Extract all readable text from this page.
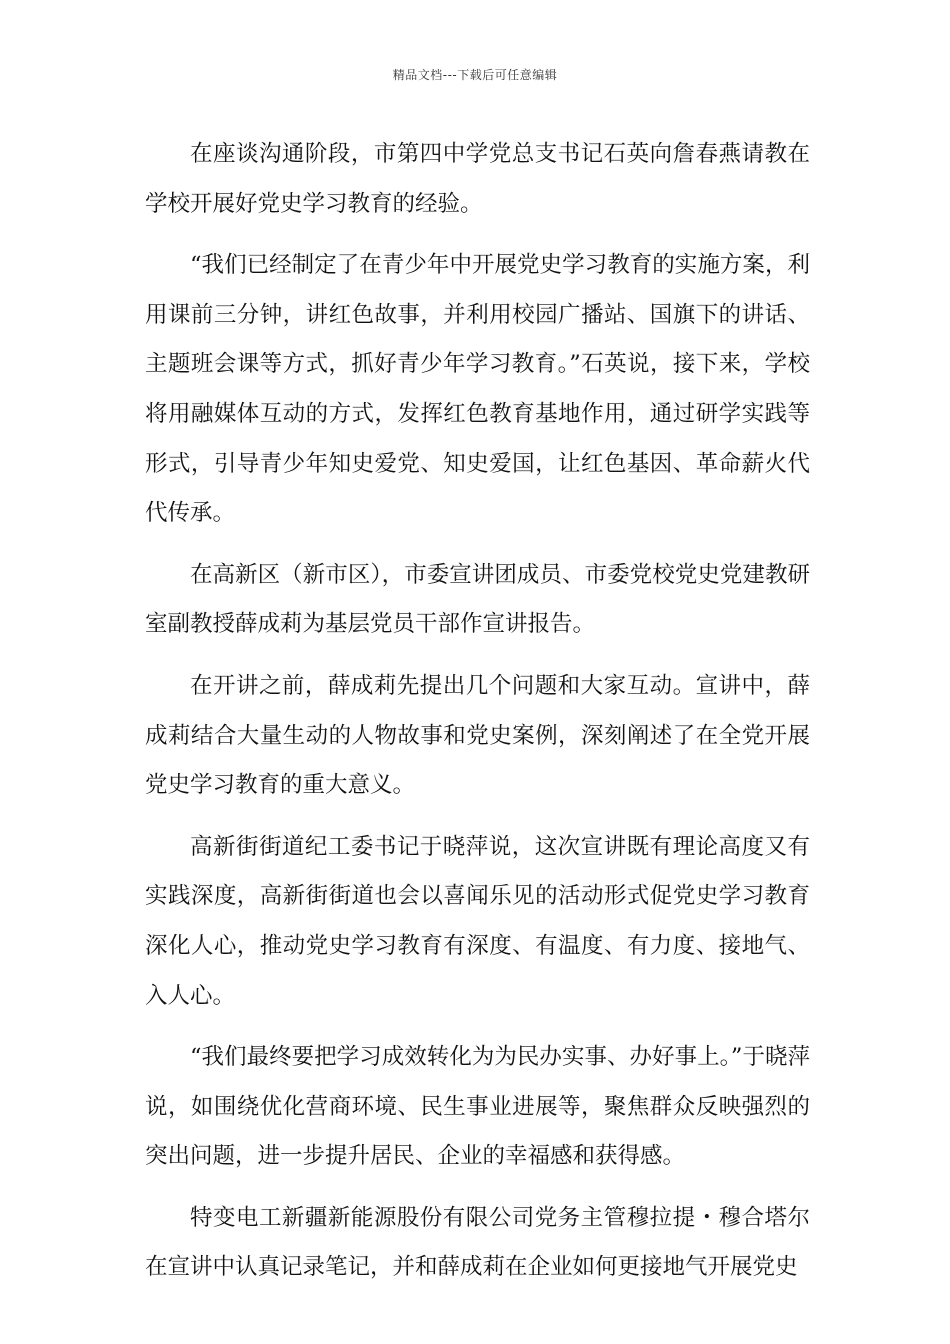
精品文档---下载后可任意编辑

在座谈沟通阶段，市第四中学党总支书记石英向詹春燕请教在学校开展好党史学习教育的经验。

“我们已经制定了在青少年中开展党史学习教育的实施方案，利用课前三分钟，讲红色故事，并利用校园广播站、国旗下的讲话、主题班会课等方式，抓好青少年学习教育。”石英说，接下来，学校将用融媒体互动的方式，发挥红色教育基地作用，通过研学实践等形式，引导青少年知史爱党、知史爱国，让红色基因、革命薪火代代传承。

在高新区（新市区），市委宣讲团成员、市委党校党史党建教研室副教授薛成莉为基层党员干部作宣讲报告。

在开讲之前，薛成莉先提出几个问题和大家互动。宣讲中，薛成莉结合大量生动的人物故事和党史案例，深刻阐述了在全党开展党史学习教育的重大意义。

高新街街道纪工委书记于晓萍说，这次宣讲既有理论高度又有实践深度，高新街街道也会以喜闻乐见的活动形式促党史学习教育深化人心，推动党史学习教育有深度、有温度、有力度、接地气、入人心。

“我们最终要把学习成效转化为为民办实事、办好事上。”于晓萍说，如围绕优化营商环境、民生事业进展等，聚焦群众反映强烈的突出问题，进一步提升居民、企业的幸福感和获得感。

特变电工新疆新能源股份有限公司党务主管穆拉提・穆合塔尔在宣讲中认真记录笔记，并和薛成莉在企业如何更接地气开展党史
